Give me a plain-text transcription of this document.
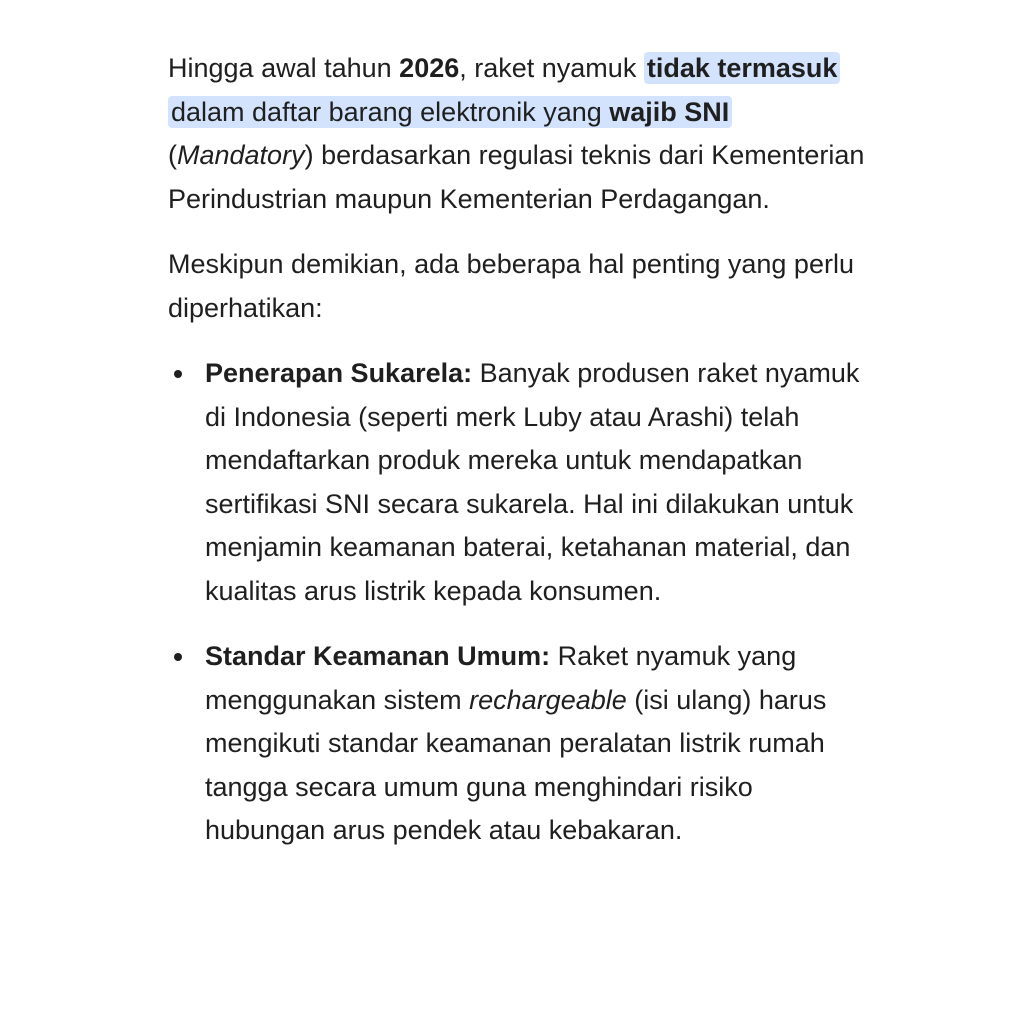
Hingga awal tahun 2026, raket nyamuk tidak termasuk dalam daftar barang elektronik yang wajib SNI (Mandatory) berdasarkan regulasi teknis dari Kementerian Perindustrian maupun Kementerian Perdagangan.

Meskipun demikian, ada beberapa hal penting yang perlu diperhatikan:

Penerapan Sukarela: Banyak produsen raket nyamuk di Indonesia (seperti merk Luby atau Arashi) telah mendaftarkan produk mereka untuk mendapatkan sertifikasi SNI secara sukarela. Hal ini dilakukan untuk menjamin keamanan baterai, ketahanan material, dan kualitas arus listrik kepada konsumen.
Standar Keamanan Umum: Raket nyamuk yang menggunakan sistem rechargeable (isi ulang) harus mengikuti standar keamanan peralatan listrik rumah tangga secara umum guna menghindari risiko hubungan arus pendek atau kebakaran.
